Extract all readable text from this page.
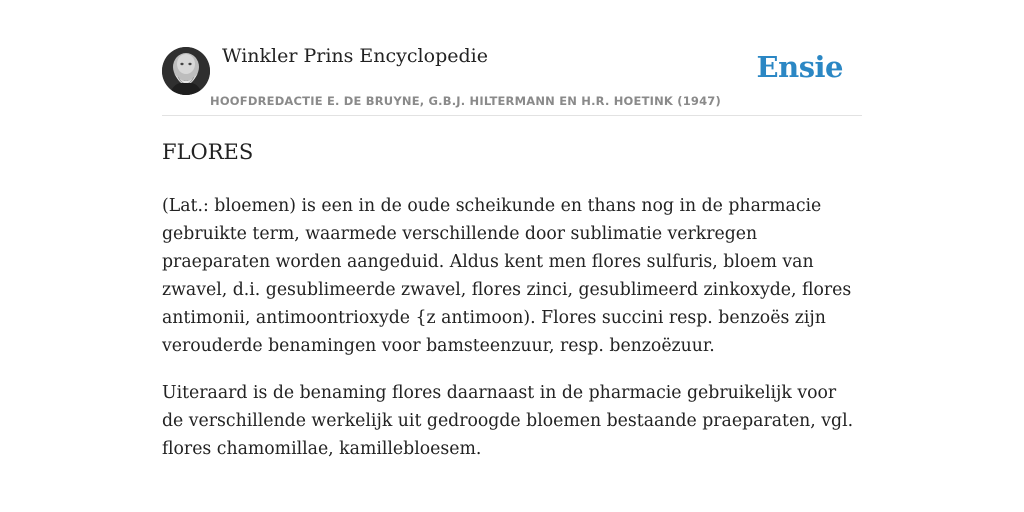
Winkler Prins Encyclopedie
HOOFDREDACTIE E. DE BRUYNE, G.B.J. HILTERMANN EN H.R. HOETINK (1947)
Ensie
FLORES

(Lat.: bloemen) is een in de oude scheikunde en thans nog in de pharmacie gebruikte term, waarmede verschillende door sublimatie verkregen praeparaten worden aangeduid. Aldus kent men flores sulfuris, bloem van zwavel, d.i. gesublimeerde zwavel, flores zinci, gesublimeerd zinkoxyde, flores antimonii, antimoontrioxyde {z antimoon). Flores succini resp. benzoës zijn verouderde benamingen voor bamsteenzuur, resp. benzoëzuur.

Uiteraard is de benaming flores daarnaast in de pharmacie gebruikelijk voor de verschillende werkelijk uit gedroogde bloemen bestaande praeparaten, vgl. flores chamomillae, kamillebloesem.
